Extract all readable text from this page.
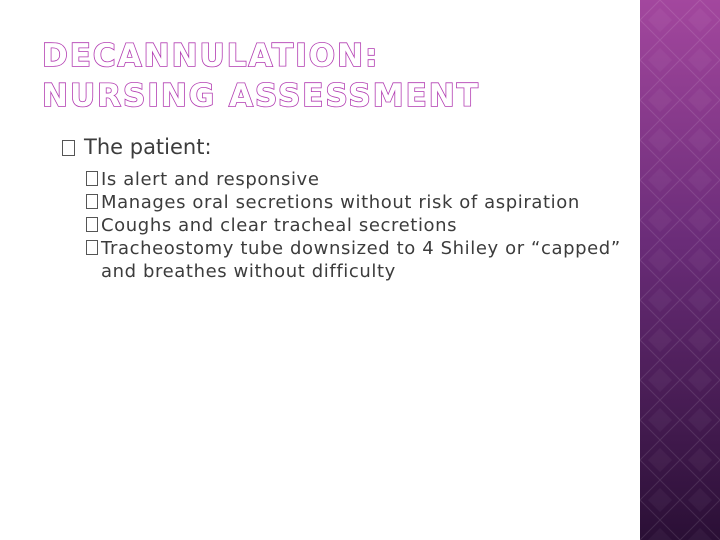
DECANNULATION:
NURSING ASSESSMENT
The patient:
Is alert and responsive
Manages oral secretions without risk of aspiration
Coughs and clear tracheal secretions
Tracheostomy tube downsized to 4 Shiley or “capped” and breathes without difficulty
